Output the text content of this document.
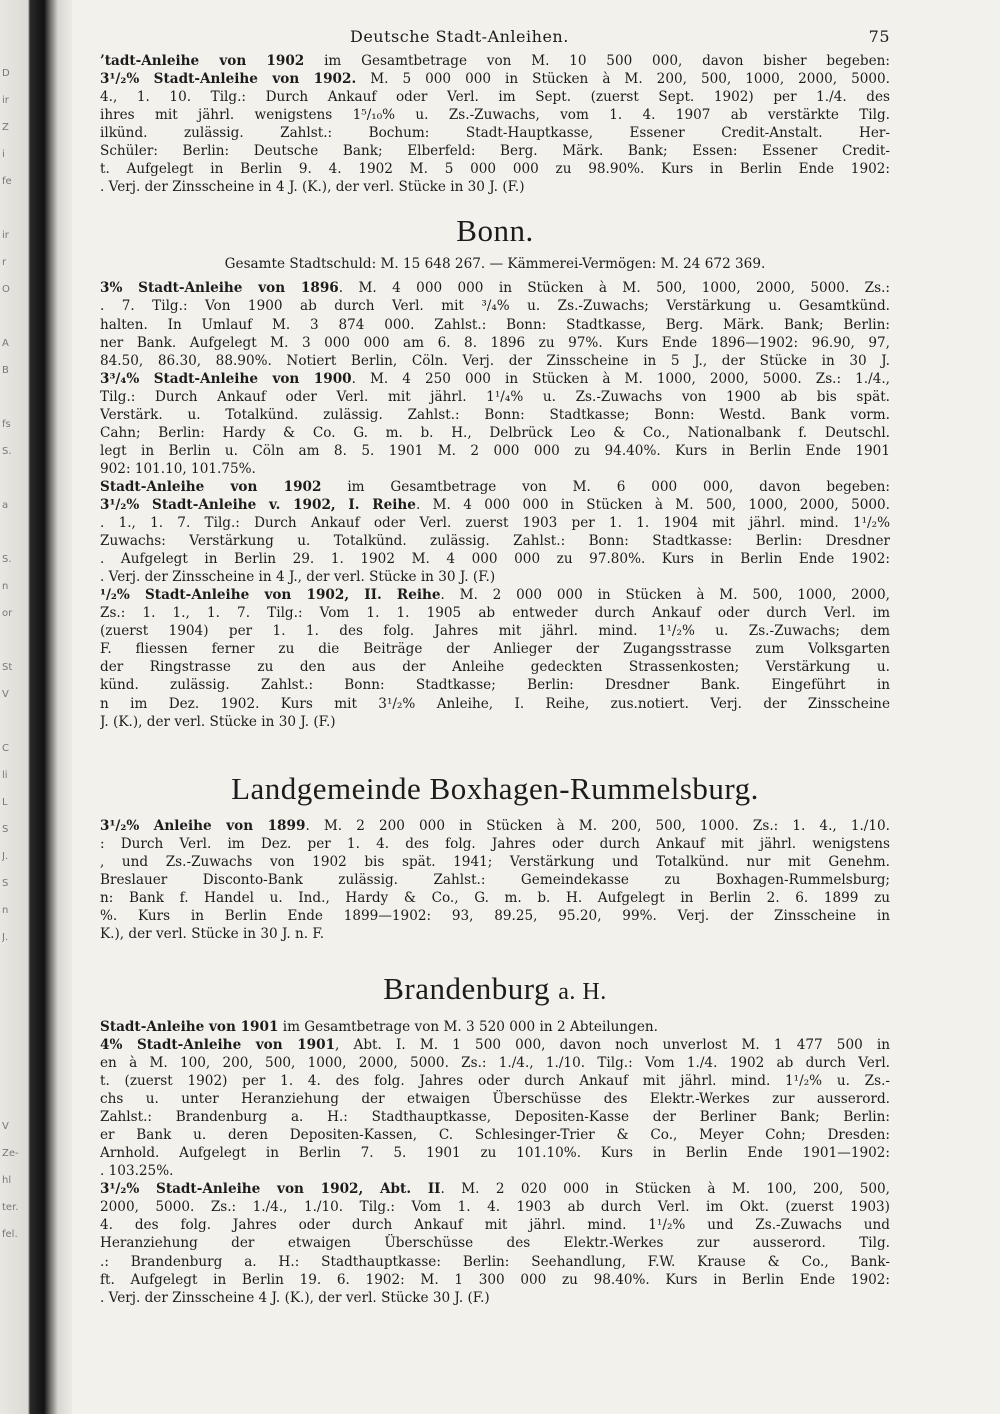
D
ir
Z
i
fe

ir
r
O

A
B

fs
S.

a

S.
n
or

St
V

C
li
L
S
J.
S
n
J.

V
Ze-
hl
ter.
fel.
Deutsche Stadt-Anleihen.	75
’tadt-Anleihe von 1902 im Gesamtbetrage von M. 10 500 000, davon bisher begeben:
3¹/₂% Stadt-Anleihe von 1902. M. 5 000 000 in Stücken à M. 200, 500, 1000, 2000, 5000.
4., 1. 10. Tilg.: Durch Ankauf oder Verl. im Sept. (zuerst Sept. 1902) per 1./4. des
ihres mit jährl. wenigstens 1⁵/₁₀% u. Zs.-Zuwachs, vom 1. 4. 1907 ab verstärkte Tilg.
ilkünd. zulässig. Zahlst.: Bochum: Stadt-Hauptkasse, Essener Credit-Anstalt. Her-
Schüler: Berlin: Deutsche Bank; Elberfeld: Berg. Märk. Bank; Essen: Essener Credit-
t. Aufgelegt in Berlin 9. 4. 1902 M. 5 000 000 zu 98.90%. Kurs in Berlin Ende 1902:
. Verj. der Zinsscheine in 4 J. (K.), der verl. Stücke in 30 J. (F.)
Bonn.
Gesamte Stadtschuld: M. 15 648 267. — Kämmerei-Vermögen: M. 24 672 369.
3% Stadt-Anleihe von 1896. M. 4 000 000 in Stücken à M. 500, 1000, 2000, 5000. Zs.:
. 7. Tilg.: Von 1900 ab durch Verl. mit ³/₄% u. Zs.-Zuwachs; Verstärkung u. Gesamtkünd.
halten. In Umlauf M. 3 874 000. Zahlst.: Bonn: Stadtkasse, Berg. Märk. Bank; Berlin:
ner Bank. Aufgelegt M. 3 000 000 am 6. 8. 1896 zu 97%. Kurs Ende 1896—1902: 96.90, 97,
84.50, 86.30, 88.90%. Notiert Berlin, Cöln. Verj. der Zinsscheine in 5 J., der Stücke in 30 J.
3³/₄% Stadt-Anleihe von 1900. M. 4 250 000 in Stücken à M. 1000, 2000, 5000. Zs.: 1./4.,
Tilg.: Durch Ankauf oder Verl. mit jährl. 1¹/₄% u. Zs.-Zuwachs von 1900 ab bis spät.
Verstärk. u. Totalkünd. zulässig. Zahlst.: Bonn: Stadtkasse; Bonn: Westd. Bank vorm.
Cahn; Berlin: Hardy & Co. G. m. b. H., Delbrück Leo & Co., Nationalbank f. Deutschl.
legt in Berlin u. Cöln am 8. 5. 1901 M. 2 000 000 zu 94.40%. Kurs in Berlin Ende 1901
902: 101.10, 101.75%.
Stadt-Anleihe von 1902 im Gesamtbetrage von M. 6 000 000, davon begeben:
3¹/₂% Stadt-Anleihe v. 1902, I. Reihe. M. 4 000 000 in Stücken à M. 500, 1000, 2000, 5000.
. 1., 1. 7. Tilg.: Durch Ankauf oder Verl. zuerst 1903 per 1. 1. 1904 mit jährl. mind. 1¹/₂%
Zuwachs: Verstärkung u. Totalkünd. zulässig. Zahlst.: Bonn: Stadtkasse: Berlin: Dresdner
. Aufgelegt in Berlin 29. 1. 1902 M. 4 000 000 zu 97.80%. Kurs in Berlin Ende 1902:
. Verj. der Zinsscheine in 4 J., der verl. Stücke in 30 J. (F.)
¹/₂% Stadt-Anleihe von 1902, II. Reihe. M. 2 000 000 in Stücken à M. 500, 1000, 2000,
Zs.: 1. 1., 1. 7. Tilg.: Vom 1. 1. 1905 ab entweder durch Ankauf oder durch Verl. im
(zuerst 1904) per 1. 1. des folg. Jahres mit jährl. mind. 1¹/₂% u. Zs.-Zuwachs; dem
F. fliessen ferner zu die Beiträge der Anlieger der Zugangsstrasse zum Volksgarten
der Ringstrasse zu den aus der Anleihe gedeckten Strassenkosten; Verstärkung u.
künd. zulässig. Zahlst.: Bonn: Stadtkasse; Berlin: Dresdner Bank. Eingeführt in
n im Dez. 1902. Kurs mit 3¹/₂% Anleihe, I. Reihe, zus.notiert. Verj. der Zinsscheine
J. (K.), der verl. Stücke in 30 J. (F.)
Landgemeinde Boxhagen-Rummelsburg.
3¹/₂% Anleihe von 1899. M. 2 200 000 in Stücken à M. 200, 500, 1000. Zs.: 1. 4., 1./10.
: Durch Verl. im Dez. per 1. 4. des folg. Jahres oder durch Ankauf mit jährl. wenigstens
, und Zs.-Zuwachs von 1902 bis spät. 1941; Verstärkung und Totalkünd. nur mit Genehm.
Breslauer Disconto-Bank zulässig. Zahlst.: Gemeindekasse zu Boxhagen-Rummelsburg;
n: Bank f. Handel u. Ind., Hardy & Co., G. m. b. H. Aufgelegt in Berlin 2. 6. 1899 zu
%. Kurs in Berlin Ende 1899—1902: 93, 89.25, 95.20, 99%. Verj. der Zinsscheine in
K.), der verl. Stücke in 30 J. n. F.
Brandenburg a. H.
Stadt-Anleihe von 1901 im Gesamtbetrage von M. 3 520 000 in 2 Abteilungen.
4% Stadt-Anleihe von 1901, Abt. I. M. 1 500 000, davon noch unverlost M. 1 477 500 in
en à M. 100, 200, 500, 1000, 2000, 5000. Zs.: 1./4., 1./10. Tilg.: Vom 1./4. 1902 ab durch Verl.
t. (zuerst 1902) per 1. 4. des folg. Jahres oder durch Ankauf mit jährl. mind. 1¹/₂% u. Zs.-
chs u. unter Heranziehung der etwaigen Überschüsse des Elektr.-Werkes zur ausserord.
Zahlst.: Brandenburg a. H.: Stadthauptkasse, Depositen-Kasse der Berliner Bank; Berlin:
er Bank u. deren Depositen-Kassen, C. Schlesinger-Trier & Co., Meyer Cohn; Dresden:
Arnhold. Aufgelegt in Berlin 7. 5. 1901 zu 101.10%. Kurs in Berlin Ende 1901—1902:
. 103.25%.
3¹/₂% Stadt-Anleihe von 1902, Abt. II. M. 2 020 000 in Stücken à M. 100, 200, 500,
2000, 5000. Zs.: 1./4., 1./10. Tilg.: Vom 1. 4. 1903 ab durch Verl. im Okt. (zuerst 1903)
4. des folg. Jahres oder durch Ankauf mit jährl. mind. 1¹/₂% und Zs.-Zuwachs und
Heranziehung der etwaigen Überschüsse des Elektr.-Werkes zur ausserord. Tilg.
.: Brandenburg a. H.: Stadthauptkasse: Berlin: Seehandlung, F.W. Krause & Co., Bank-
ft. Aufgelegt in Berlin 19. 6. 1902: M. 1 300 000 zu 98.40%. Kurs in Berlin Ende 1902:
. Verj. der Zinsscheine 4 J. (K.), der verl. Stücke 30 J. (F.)
